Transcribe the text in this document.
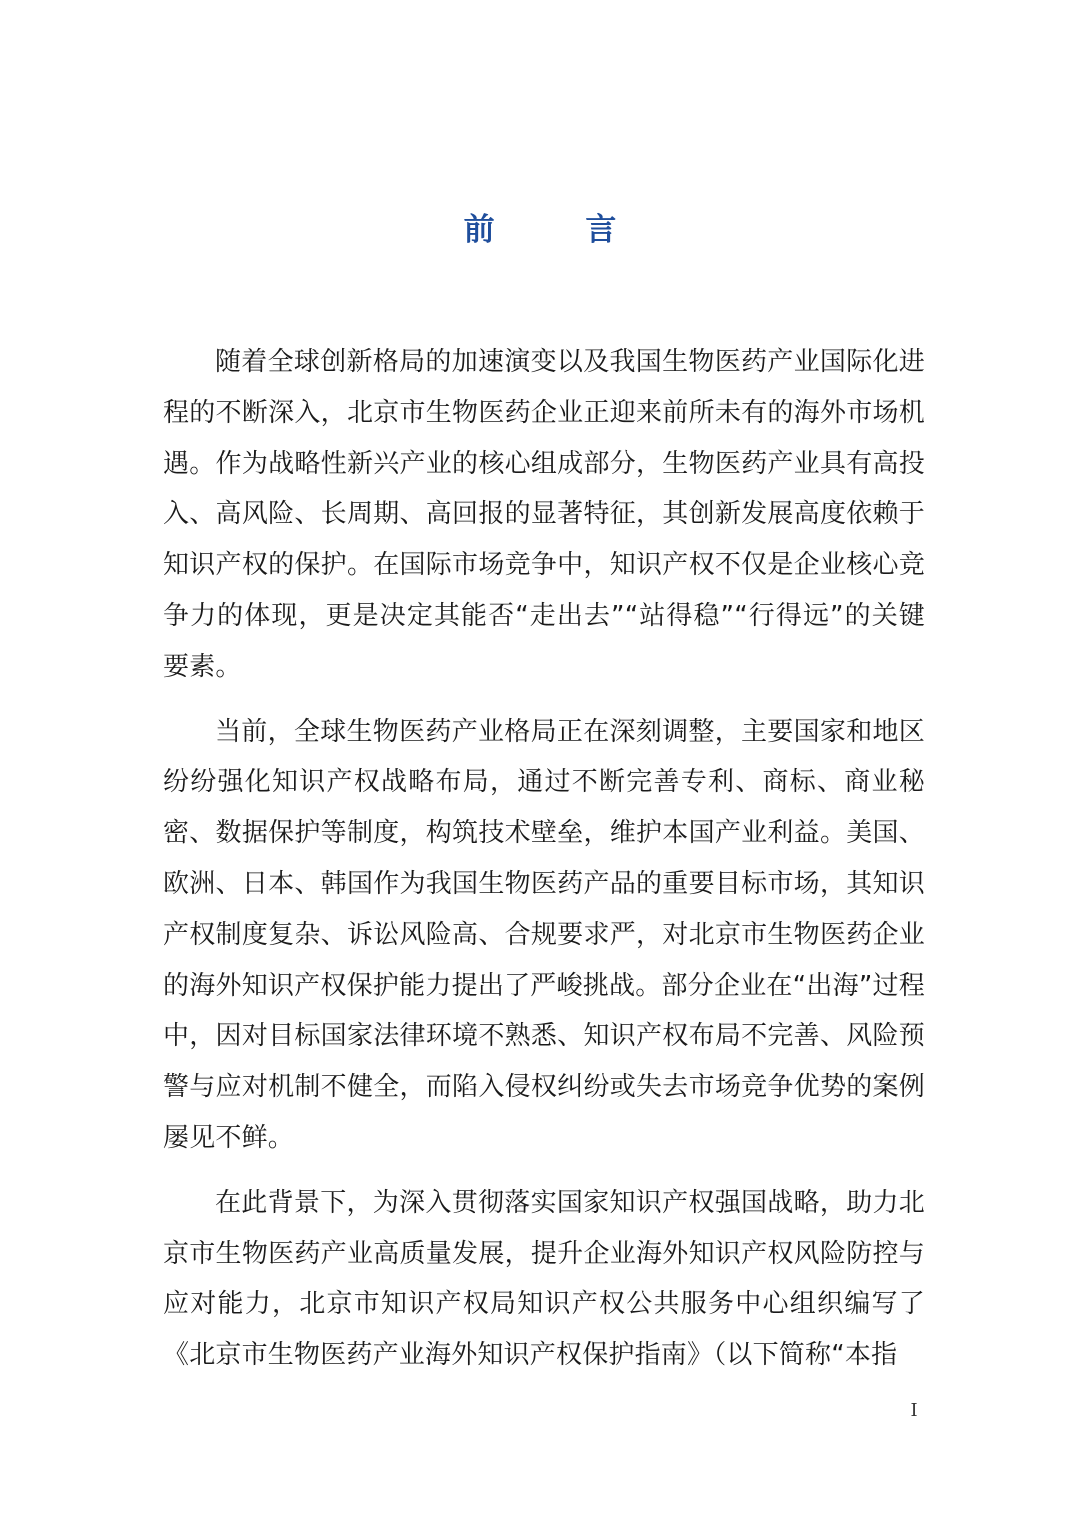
前 言

随着全球创新格局的加速演变以及我国生物医药产业国际化进程的不断深入，北京市生物医药企业正迎来前所未有的海外市场机遇。作为战略性新兴产业的核心组成部分，生物医药产业具有高投入、高风险、长周期、高回报的显著特征，其创新发展高度依赖于知识产权的保护。在国际市场竞争中，知识产权不仅是企业核心竞争力的体现，更是决定其能否“走出去”“站得稳”“行得远”的关键要素。

当前，全球生物医药产业格局正在深刻调整，主要国家和地区纷纷强化知识产权战略布局，通过不断完善专利、商标、商业秘密、数据保护等制度，构筑技术壁垒，维护本国产业利益。美国、欧洲、日本、韩国作为我国生物医药产品的重要目标市场，其知识产权制度复杂、诉讼风险高、合规要求严，对北京市生物医药企业的海外知识产权保护能力提出了严峻挑战。部分企业在“出海”过程中，因对目标国家法律环境不熟悉、知识产权布局不完善、风险预警与应对机制不健全，而陷入侵权纠纷或失去市场竞争优势的案例屡见不鲜。

在此背景下，为深入贯彻落实国家知识产权强国战略，助力北京市生物医药产业高质量发展，提升企业海外知识产权风险防控与应对能力，北京市知识产权局知识产权公共服务中心组织编写了《北京市生物医药产业海外知识产权保护指南》（以下简称“本指

I
